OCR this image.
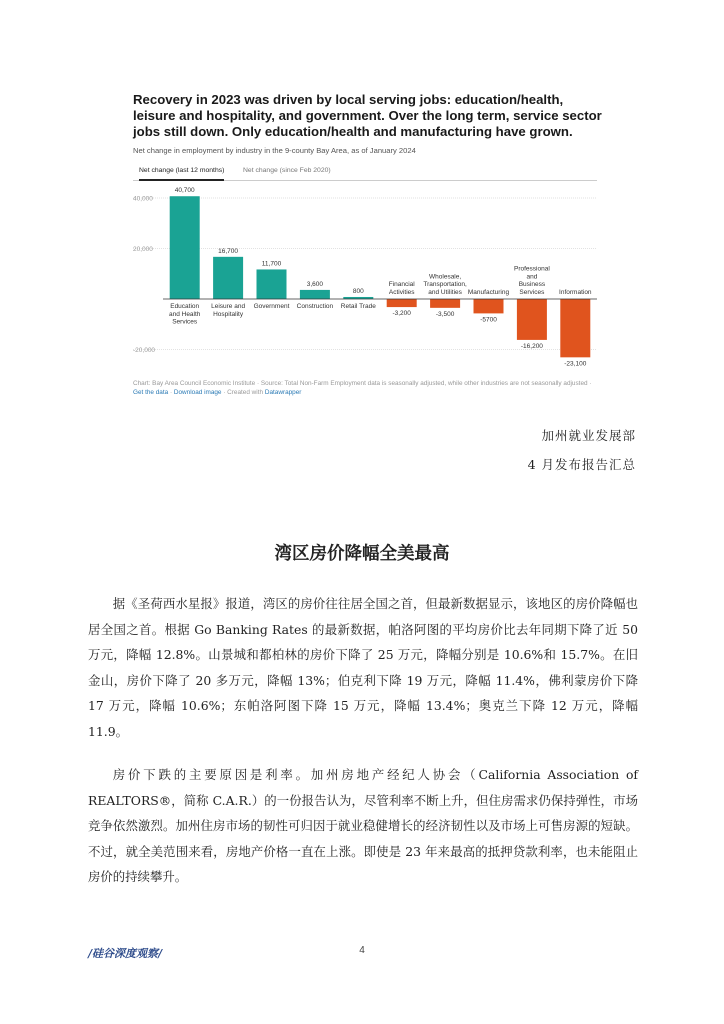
Recovery in 2023 was driven by local serving jobs: education/health, leisure and hospitality, and government. Over the long term, service sector jobs still down. Only education/health and manufacturing have grown.

Net change in employment by industry in the 9-county Bay Area, as of January 2024

Net change (last 12 months)	Net change (since Feb 2020)
-20,000
20,000
40,000
40,700
Education
and Health
Services
16,700
Leisure and
Hospitality
11,700
Government
3,600
Construction
800
Retail Trade
-3,200
Financial
Activities
-3,500
Wholesale,
Transportation,
and Utilities
-5700
Manufacturing
-16,200
Professional
and
Business
Services
-23,100
Information

Chart: Bay Area Council Economic Institute · Source: Total Non-Farm Employment data is seasonally adjusted, while other industries are not seasonally adjusted · Get the data · Download image · Created with Datawrapper

加州就业发展部
4 月发布报告汇总
湾区房价降幅全美最高

据《圣荷西水星报》报道，湾区的房价往往居全国之首，但最新数据显示，该地区的房价降幅也居全国之首。根据 Go Banking Rates 的最新数据，帕洛阿图的平均房价比去年同期下降了近 50 万元，降幅 12.8%。山景城和都柏林的房价下降了 25 万元，降幅分别是 10.6%和 15.7%。在旧金山，房价下降了 20 多万元，降幅 13%；伯克利下降 19 万元，降幅 11.4%，佛利蒙房价下降 17 万元，降幅 10.6%；东帕洛阿图下降 15 万元，降幅 13.4%；奥克兰下降 12 万元，降幅 11.9。

房价下跌的主要原因是利率。加州房地产经纪人协会（California Association of REALTORS®，简称 C.A.R.）的一份报告认为，尽管利率不断上升，但住房需求仍保持弹性，市场竞争依然激烈。加州住房市场的韧性可归因于就业稳健增长的经济韧性以及市场上可售房源的短缺。不过，就全美范围来看，房地产价格一直在上涨。即使是 23 年来最高的抵押贷款利率，也未能阻止房价的持续攀升。

/硅谷深度观察/	4
